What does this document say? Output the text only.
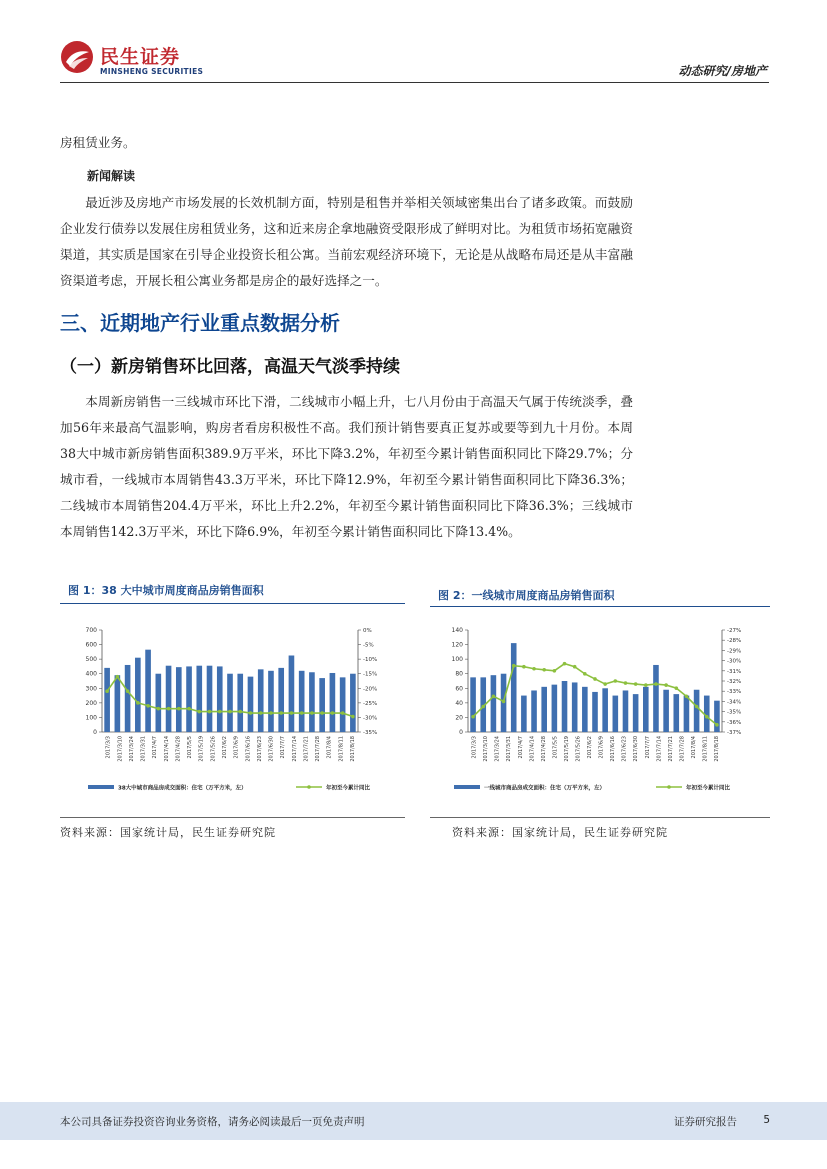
民生证券
MINSHENG SECURITIES	动态研究/房地产
房租赁业务。
新闻解读
最近涉及房地产市场发展的长效机制方面，特别是租售并举相关领域密集出台了诸多政策。而鼓励企业发行债券以发展住房租赁业务，这和近来房企拿地融资受限形成了鲜明对比。为租赁市场拓宽融资渠道，其实质是国家在引导企业投资长租公寓。当前宏观经济环境下，无论是从战略布局还是从丰富融资渠道考虑，开展长租公寓业务都是房企的最好选择之一。
三、近期地产行业重点数据分析
（一）新房销售环比回落，高温天气淡季持续
本周新房销售一三线城市环比下滑，二线城市小幅上升，七八月份由于高温天气属于传统淡季，叠加56年来最高气温影响，购房者看房积极性不高。我们预计销售要真正复苏或要等到九十月份。本周38大中城市新房销售面积389.9万平米，环比下降3.2%，年初至今累计销售面积同比下降29.7%；分城市看，一线城市本周销售43.3万平米，环比下降12.9%，年初至今累计销售面积同比下降36.3%；二线城市本周销售204.4万平米，环比上升2.2%，年初至今累计销售面积同比下降36.3%；三线城市本周销售142.3万平米，环比下降6.9%，年初至今累计销售面积同比下降13.4%。
图 1：38 大中城市周度商品房销售面积
0
100
200
300
400
500
600
700	0%
-5%
-10%
-15%
-20%
-25%
-30%
-35%
2017/3/3 2017/3/10 2017/3/24 2017/3/31 2017/4/7 2017/4/14 2017/4/28 2017/5/5 2017/5/19 2017/5/26 2017/6/2 2017/6/9 2017/6/16 2017/6/23 2017/6/30 2017/7/7 2017/7/14 2017/7/21 2017/7/28 2017/8/4 2017/8/11 2017/8/18
38大中城市商品房成交面积：住宅（万平方米，左）	年初至今累计同比
资料来源：国家统计局，民生证券研究院
图 2：一线城市周度商品房销售面积
0
20
40
60
80
100
120
140	-27%
-28%
-29%
-30%
-31%
-32%
-33%
-34%
-35%
-36%
-37%
2017/3/3 2017/3/10 2017/3/24 2017/3/31 2017/4/7 2017/4/14 2017/4/28 2017/5/5 2017/5/19 2017/5/26 2017/6/2 2017/6/9 2017/6/16 2017/6/23 2017/6/30 2017/7/7 2017/7/14 2017/7/21 2017/7/28 2017/8/4 2017/8/11 2017/8/18
一线城市商品房成交面积：住宅（万平方米，左）	年初至今累计同比
资料来源：国家统计局，民生证券研究院
本公司具备证券投资咨询业务资格，请务必阅读最后一页免责声明	证券研究报告	5
